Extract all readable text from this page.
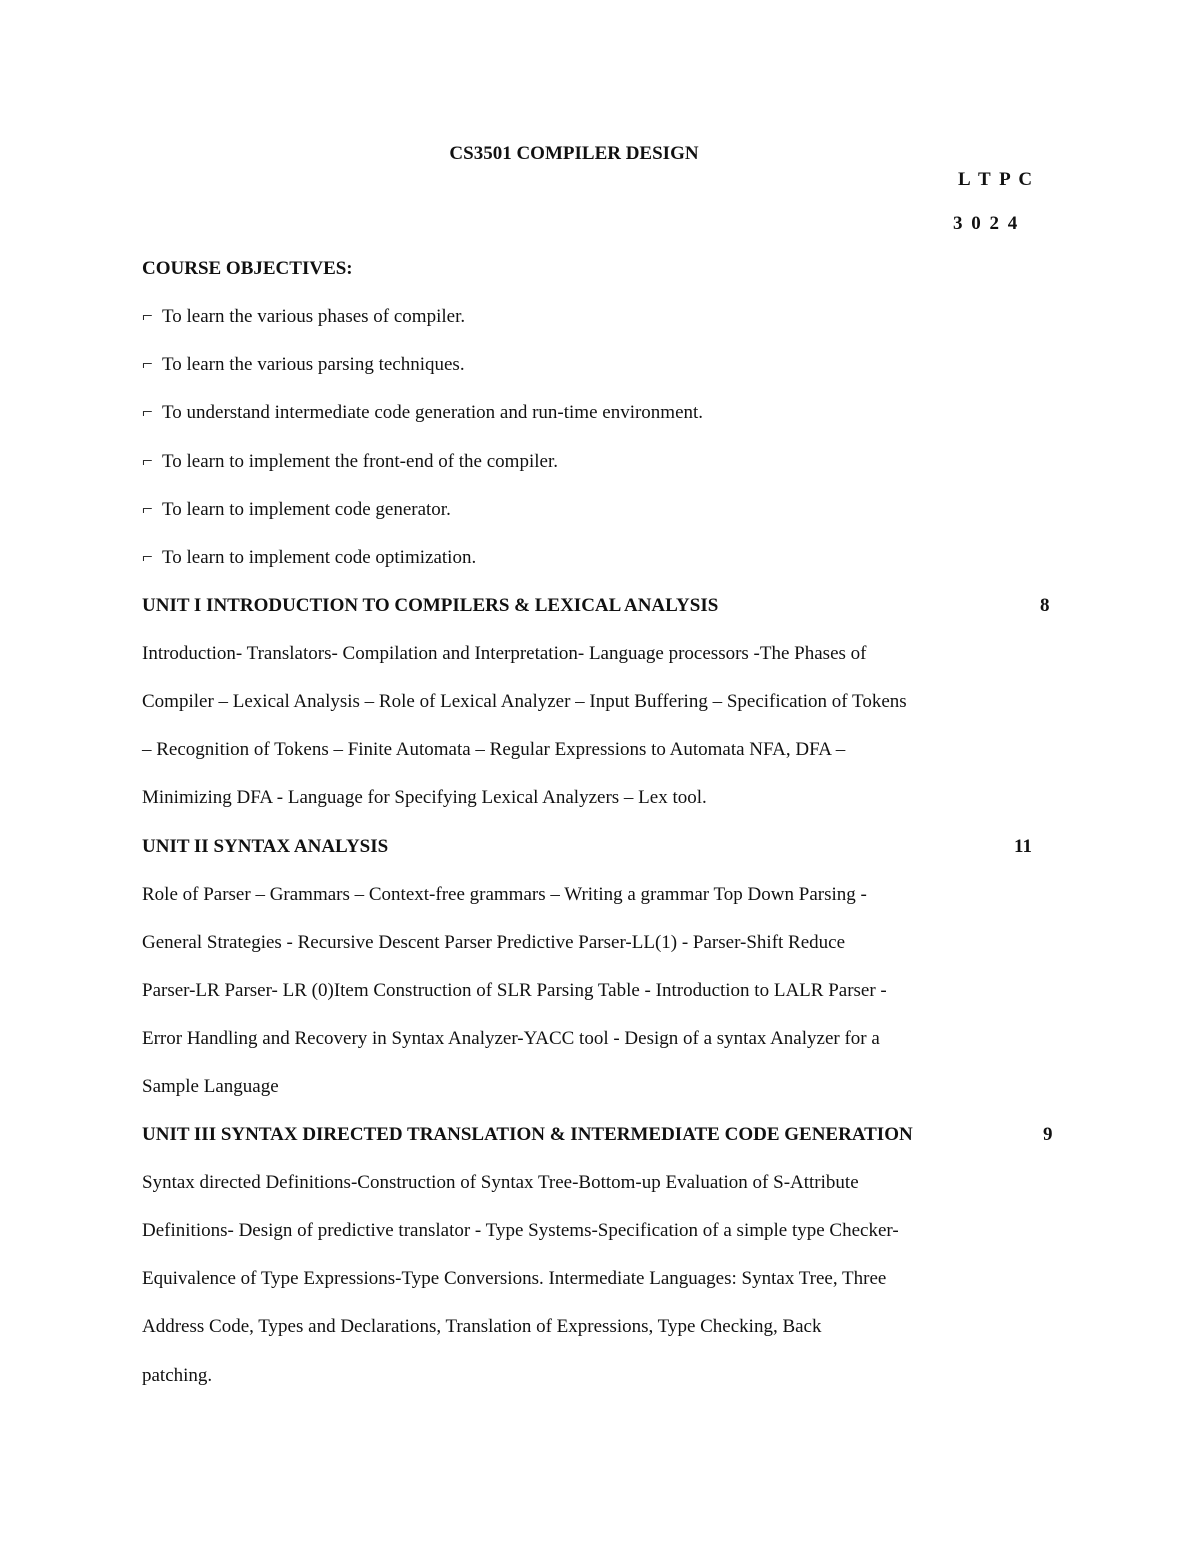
CS3501 COMPILER DESIGN
L T P C
3 0 2 4
COURSE OBJECTIVES:
⌐ To learn the various phases of compiler.
⌐ To learn the various parsing techniques.
⌐ To understand intermediate code generation and run-time environment.
⌐ To learn to implement the front-end of the compiler.
⌐ To learn to implement code generator.
⌐ To learn to implement code optimization.
UNIT I INTRODUCTION TO COMPILERS & LEXICAL ANALYSIS	8
Introduction- Translators- Compilation and Interpretation- Language processors -The Phases of
Compiler – Lexical Analysis – Role of Lexical Analyzer – Input Buffering – Specification of Tokens
– Recognition of Tokens – Finite Automata – Regular Expressions to Automata NFA, DFA –
Minimizing DFA - Language for Specifying Lexical Analyzers – Lex tool.
UNIT II SYNTAX ANALYSIS	11
Role of Parser – Grammars – Context-free grammars – Writing a grammar Top Down Parsing -
General Strategies - Recursive Descent Parser Predictive Parser-LL(1) - Parser-Shift Reduce
Parser-LR Parser- LR (0)Item Construction of SLR Parsing Table - Introduction to LALR Parser -
Error Handling and Recovery in Syntax Analyzer-YACC tool - Design of a syntax Analyzer for a
Sample Language
UNIT III SYNTAX DIRECTED TRANSLATION & INTERMEDIATE CODE GENERATION	9
Syntax directed Definitions-Construction of Syntax Tree-Bottom-up Evaluation of S-Attribute
Definitions- Design of predictive translator - Type Systems-Specification of a simple type Checker-
Equivalence of Type Expressions-Type Conversions. Intermediate Languages: Syntax Tree, Three
Address Code, Types and Declarations, Translation of Expressions, Type Checking, Back
patching.
